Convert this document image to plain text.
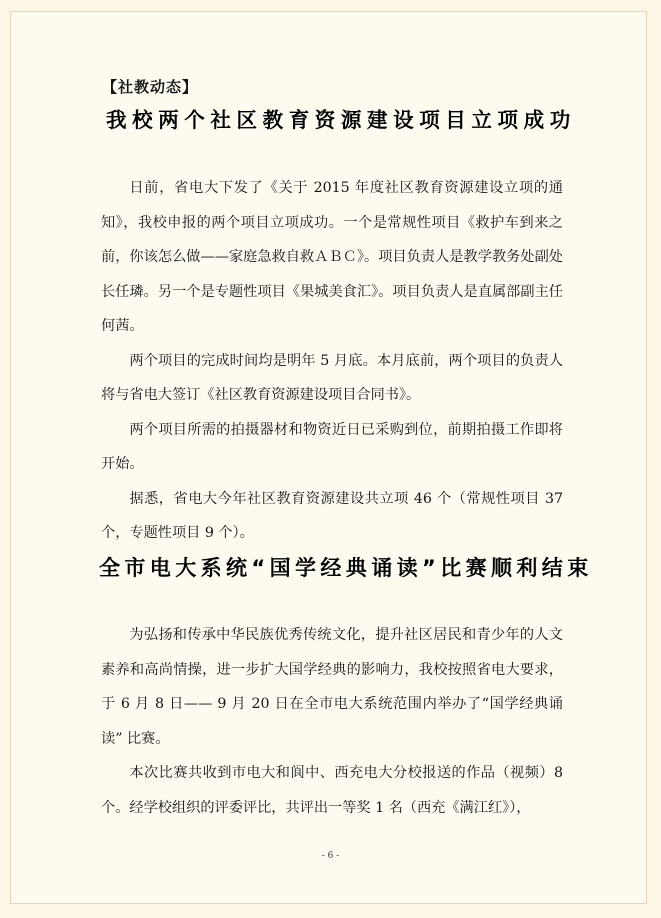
【社教动态】
我校两个社区教育资源建设项目立项成功

日前，省电大下发了《关于 2015 年度社区教育资源建设立项的通知》，我校申报的两个项目立项成功。一个是常规性项目《救护车到来之前，你该怎么做——家庭急救自救ＡＢＣ》。项目负责人是教学教务处副处长任璘。另一个是专题性项目《果城美食汇》。项目负责人是直属部副主任何茜。

两个项目的完成时间均是明年 5 月底。本月底前，两个项目的负责人将与省电大签订《社区教育资源建设项目合同书》。

两个项目所需的拍摄器材和物资近日已采购到位，前期拍摄工作即将开始。

据悉，省电大今年社区教育资源建设共立项 46 个（常规性项目 37 个，专题性项目 9 个）。

全市电大系统“国学经典诵读”比赛顺利结束

为弘扬和传承中华民族优秀传统文化，提升社区居民和青少年的人文素养和高尚情操，进一步扩大国学经典的影响力，我校按照省电大要求，于 6 月 8 日—— 9 月 20 日在全市电大系统范围内举办了“国学经典诵读” 比赛。

本次比赛共收到市电大和阆中、西充电大分校报送的作品（视频）8 个。经学校组织的评委评比，共评出一等奖 1 名（西充《满江红》），

- 6 -
